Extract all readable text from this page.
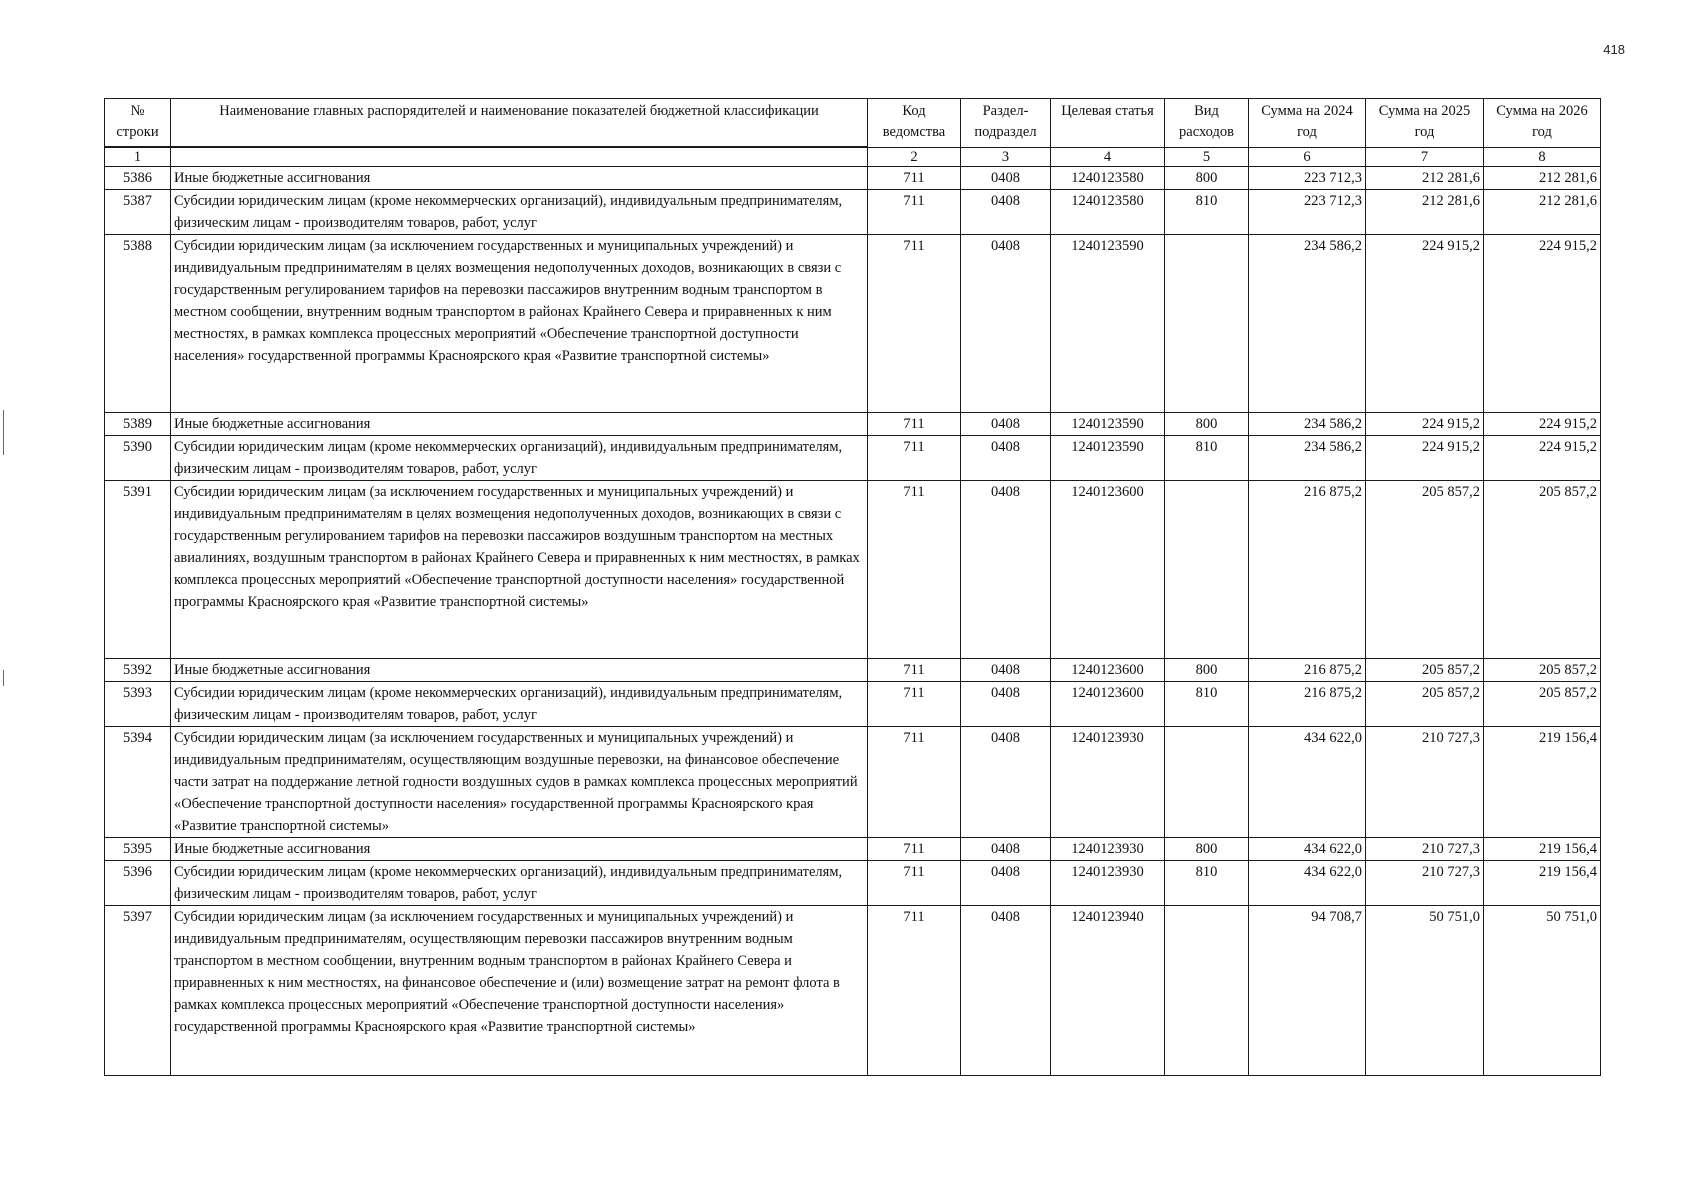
418
№ строки	Наименование главных распорядителей и наименование показателей бюджетной классификации	Код ведомства	Раздел-подраздел	Целевая статья	Вид расходов	Сумма на 2024 год	Сумма на 2025 год	Сумма на 2026 год

1		2	3	4	5	6	7	8
5386	Иные бюджетные ассигнования	711	0408	1240123580	800	223 712,3	212 281,6	212 281,6
5387	Субсидии юридическим лицам (кроме некоммерческих организаций), индивидуальным предпринимателям, физическим лицам - производителям товаров, работ, услуг	711	0408	1240123580	810	223 712,3	212 281,6	212 281,6
5388	Субсидии юридическим лицам (за исключением государственных и муниципальных учреждений) и индивидуальным предпринимателям в целях возмещения недополученных доходов, возникающих в связи с государственным регулированием тарифов на перевозки пассажиров внутренним водным транспортом в местном сообщении, внутренним водным транспортом в районах Крайнего Севера и приравненных к ним местностях, в рамках комплекса процессных мероприятий «Обеспечение транспортной доступности населения» государственной программы Красноярского края «Развитие транспортной системы»	711	0408	1240123590		234 586,2	224 915,2	224 915,2
5389	Иные бюджетные ассигнования	711	0408	1240123590	800	234 586,2	224 915,2	224 915,2
5390	Субсидии юридическим лицам (кроме некоммерческих организаций), индивидуальным предпринимателям, физическим лицам - производителям товаров, работ, услуг	711	0408	1240123590	810	234 586,2	224 915,2	224 915,2
5391	Субсидии юридическим лицам (за исключением государственных и муниципальных учреждений) и индивидуальным предпринимателям в целях возмещения недополученных доходов, возникающих в связи с государственным регулированием тарифов на перевозки пассажиров воздушным транспортом на местных авиалиниях, воздушным транспортом в районах Крайнего Севера и приравненных к ним местностях, в рамках комплекса процессных мероприятий «Обеспечение транспортной доступности населения» государственной программы Красноярского края «Развитие транспортной системы»	711	0408	1240123600		216 875,2	205 857,2	205 857,2
5392	Иные бюджетные ассигнования	711	0408	1240123600	800	216 875,2	205 857,2	205 857,2
5393	Субсидии юридическим лицам (кроме некоммерческих организаций), индивидуальным предпринимателям, физическим лицам - производителям товаров, работ, услуг	711	0408	1240123600	810	216 875,2	205 857,2	205 857,2
5394	Субсидии юридическим лицам (за исключением государственных и муниципальных учреждений) и индивидуальным предпринимателям, осуществляющим воздушные перевозки, на финансовое обеспечение части затрат на поддержание летной годности воздушных судов в рамках комплекса процессных мероприятий «Обеспечение транспортной доступности населения» государственной программы Красноярского края «Развитие транспортной системы»	711	0408	1240123930		434 622,0	210 727,3	219 156,4
5395	Иные бюджетные ассигнования	711	0408	1240123930	800	434 622,0	210 727,3	219 156,4
5396	Субсидии юридическим лицам (кроме некоммерческих организаций), индивидуальным предпринимателям, физическим лицам - производителям товаров, работ, услуг	711	0408	1240123930	810	434 622,0	210 727,3	219 156,4
5397	Субсидии юридическим лицам (за исключением государственных и муниципальных учреждений) и индивидуальным предпринимателям, осуществляющим перевозки пассажиров внутренним водным транспортом в местном сообщении, внутренним водным транспортом в районах Крайнего Севера и приравненных к ним местностях, на финансовое обеспечение и (или) возмещение затрат на ремонт флота в рамках комплекса процессных мероприятий «Обеспечение транспортной доступности населения» государственной программы Красноярского края «Развитие транспортной системы»	711	0408	1240123940		94 708,7	50 751,0	50 751,0
